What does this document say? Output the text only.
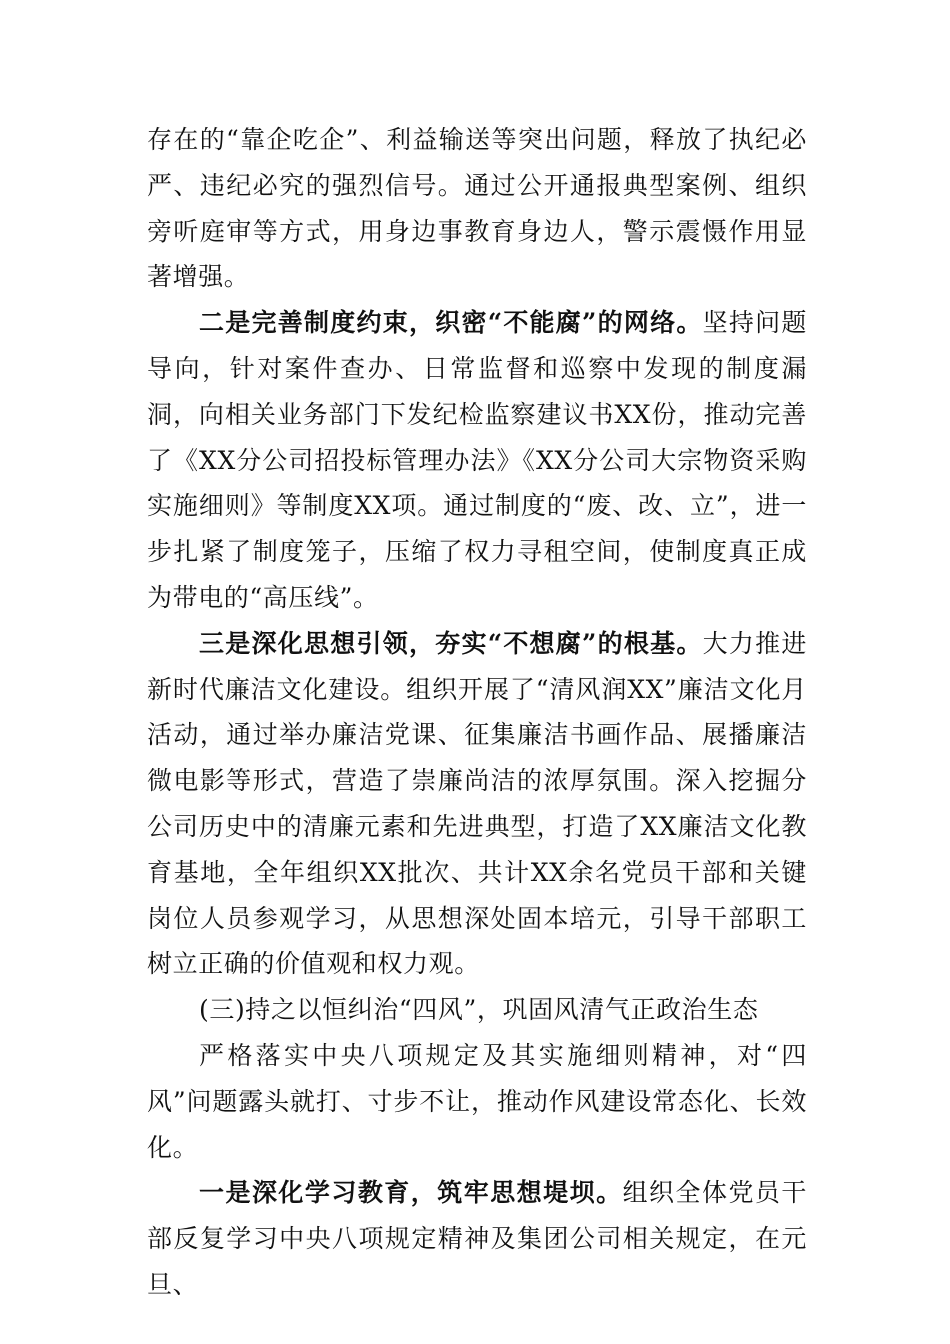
存在的“靠企吃企”、利益输送等突出问题，释放了执纪必严、违纪必究的强烈信号。通过公开通报典型案例、组织旁听庭审等方式，用身边事教育身边人，警示震慑作用显著增强。

二是完善制度约束，织密“不能腐”的网络。坚持问题导向，针对案件查办、日常监督和巡察中发现的制度漏洞，向相关业务部门下发纪检监察建议书XX份，推动完善了《XX分公司招投标管理办法》《XX分公司大宗物资采购实施细则》等制度XX项。通过制度的“废、改、立”，进一步扎紧了制度笼子，压缩了权力寻租空间，使制度真正成为带电的“高压线”。

三是深化思想引领，夯实“不想腐”的根基。大力推进新时代廉洁文化建设。组织开展了“清风润XX”廉洁文化月活动，通过举办廉洁党课、征集廉洁书画作品、展播廉洁微电影等形式，营造了崇廉尚洁的浓厚氛围。深入挖掘分公司历史中的清廉元素和先进典型，打造了XX廉洁文化教育基地，全年组织XX批次、共计XX余名党员干部和关键岗位人员参观学习，从思想深处固本培元，引导干部职工树立正确的价值观和权力观。

(三)持之以恒纠治“四风”，巩固风清气正政治生态

严格落实中央八项规定及其实施细则精神，对“四风”问题露头就打、寸步不让，推动作风建设常态化、长效化。

一是深化学习教育，筑牢思想堤坝。组织全体党员干部反复学习中央八项规定精神及集团公司相关规定，在元旦、
